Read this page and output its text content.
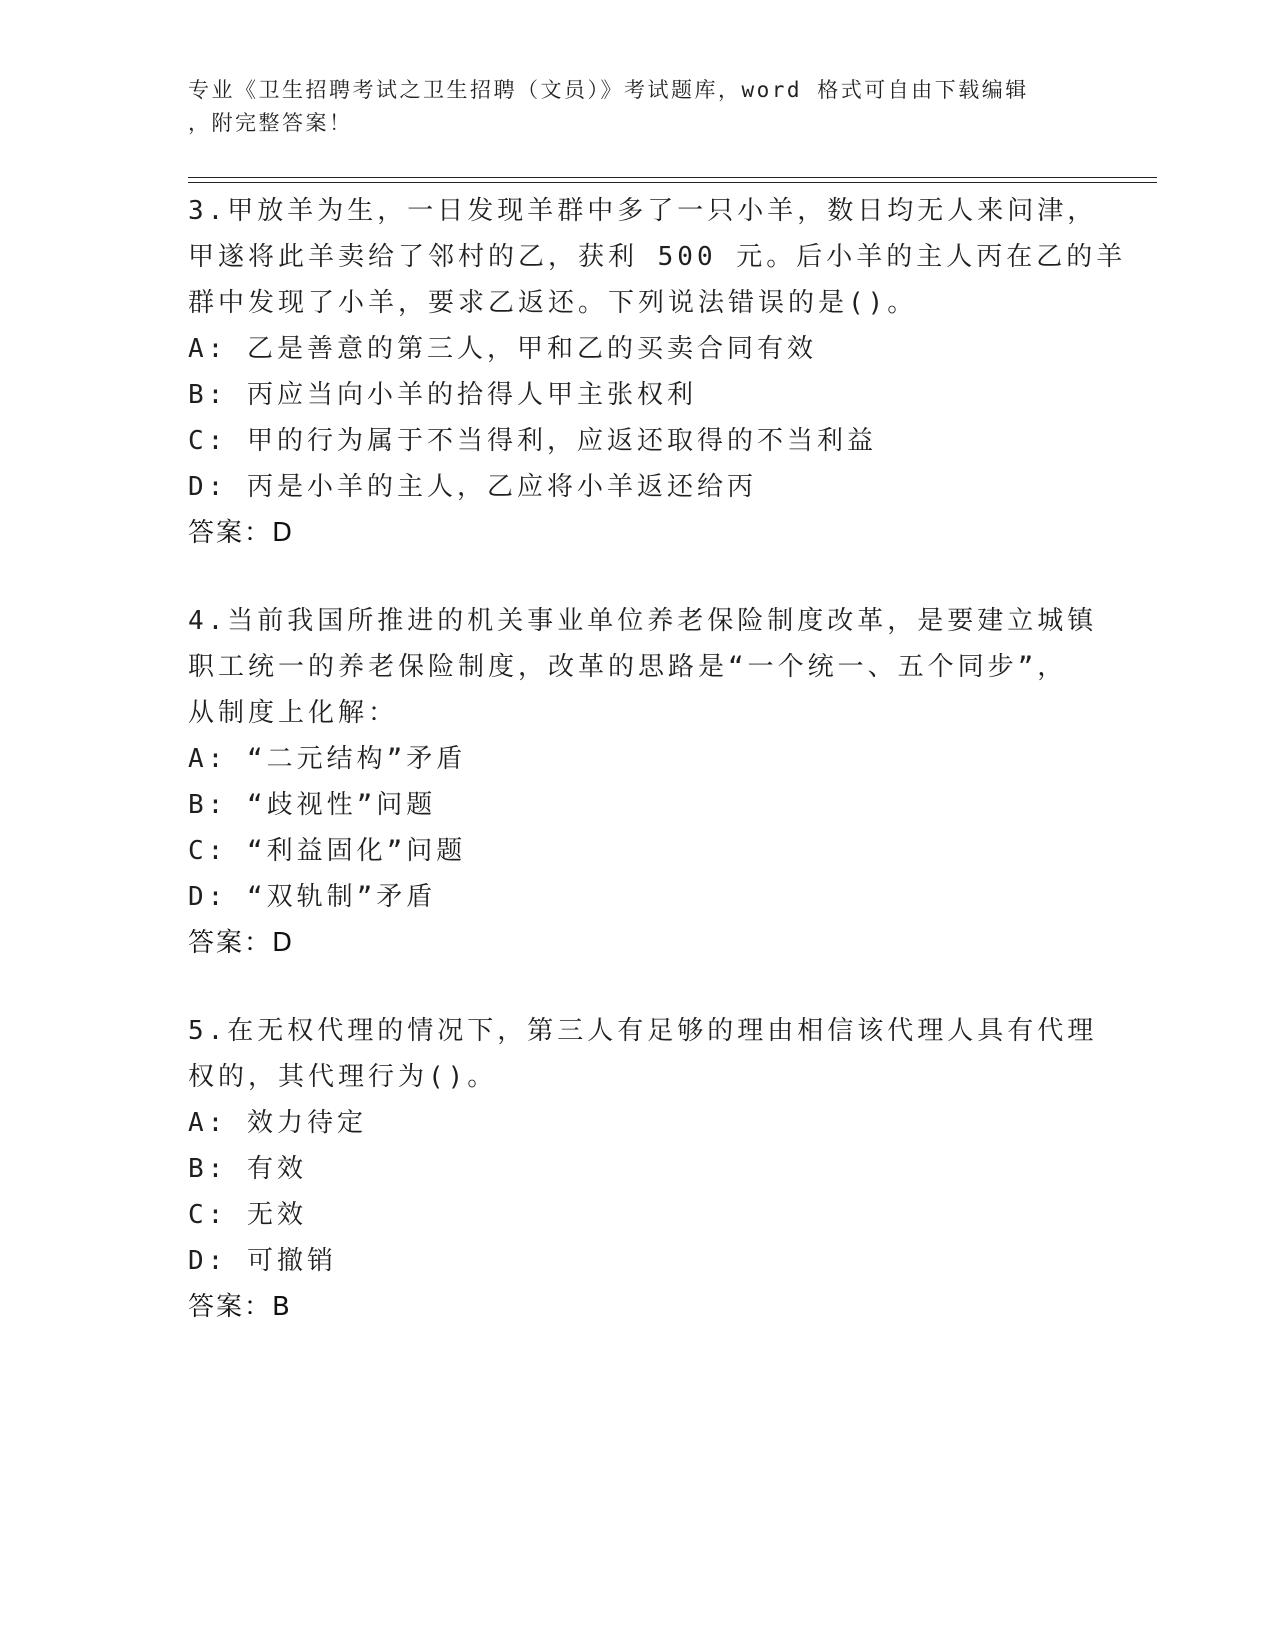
专业《卫生招聘考试之卫生招聘（文员）》考试题库，word 格式可自由下载编辑
，附完整答案！
3.甲放羊为生，一日发现羊群中多了一只小羊，数日均无人来问津，
甲遂将此羊卖给了邻村的乙，获利 500 元。后小羊的主人丙在乙的羊
群中发现了小羊，要求乙返还。下列说法错误的是()。
A: 乙是善意的第三人，甲和乙的买卖合同有效
B: 丙应当向小羊的拾得人甲主张权利
C: 甲的行为属于不当得利，应返还取得的不当利益
D: 丙是小羊的主人，乙应将小羊返还给丙
答案：D
4.当前我国所推进的机关事业单位养老保险制度改革，是要建立城镇
职工统一的养老保险制度，改革的思路是“一个统一、五个同步”，
从制度上化解：
A: “二元结构”矛盾
B: “歧视性”问题
C: “利益固化”问题
D: “双轨制”矛盾
答案：D
5.在无权代理的情况下，第三人有足够的理由相信该代理人具有代理
权的，其代理行为()。
A: 效力待定
B: 有效
C: 无效
D: 可撤销
答案：B
